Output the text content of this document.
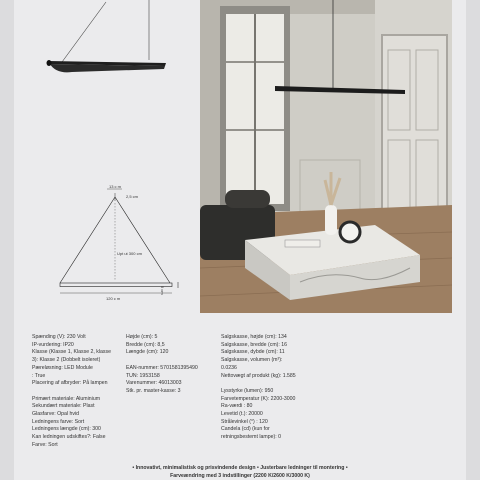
13 c m
2,5 cm
Upt ut 300 cm
120 c m
5 cm
Spænding (V): 230 Volt
IP-vurdering: IP20
Klasse (Klasse 1, Klasse 2, klasse
3): Klasse 2 (Dobbelt isoleret)
Pæreløsning: LED Module
: True
Placering af afbryder: På lampen
Primært materiale: Aluminium
Sekundært materiale: Plast
Glasfarve: Opal hvid
Ledningens farve: Sort
Ledningens længde (cm): 300
Kan ledningen udskiftes?: False
Farve: Sort
Højde (cm): 5
Bredde (cm): 8,5
Længde (cm): 120
EAN-nummer: 5701581395490
TUN: 1953158
Varenummer: 46013003
Stk. pr. master-kasse: 3
Salgskasse, højde (cm): 134
Salgskasse, bredde (cm): 16
Salgskasse, dybde (cm): 11
Salgskasse, volumen (m³):
0.0236
Nettovægt af produkt (kg): 1.585
Lysstyrke (lumen): 950
Farvetemperatur (K): 2200-3000
Ra-værdi : 80
Levetid (t.): 20000
Strålevinkel (°) : 120
Candela (cd) (kun for
retningsbestemt lampe): 0
• Innovativt, minimalistisk og prisvindende design • Justerbare ledninger til montering •
Farveændring med 3 indstillinger (2200 K/2600 K/3000 K)
